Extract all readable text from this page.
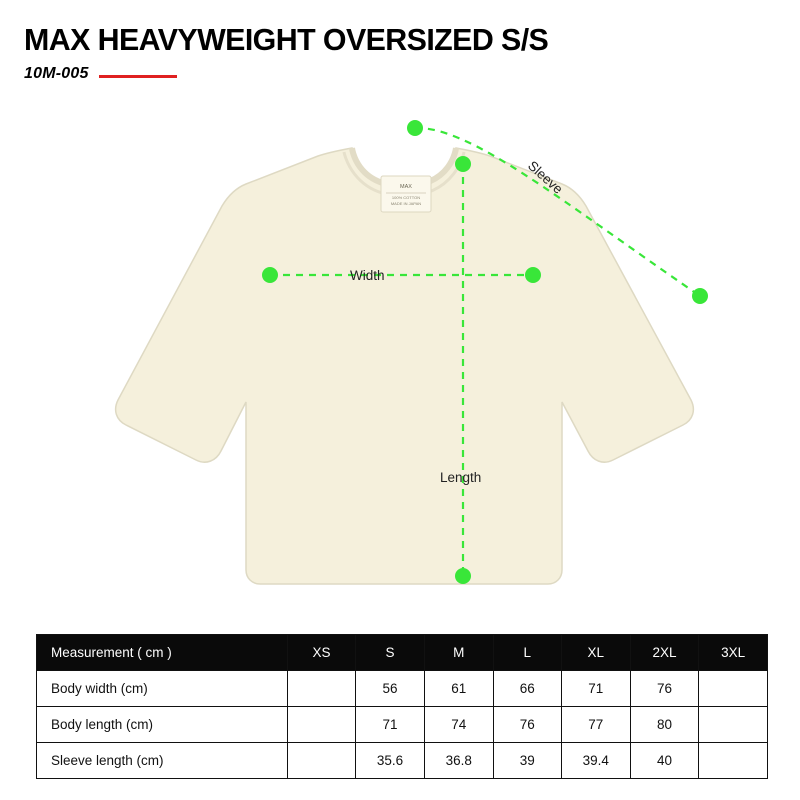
MAX HEAVYWEIGHT OVERSIZED S/S
10M-005
MAX
100% COTTON
MADE IN JAPAN
Width
Length
Sleeve
Measurement ( cm )	XS	S	M	L	XL	2XL	3XL
Body width (cm)		56	61	66	71	76	
Body length (cm)		71	74	76	77	80	
Sleeve length (cm)		35.6	36.8	39	39.4	40	
